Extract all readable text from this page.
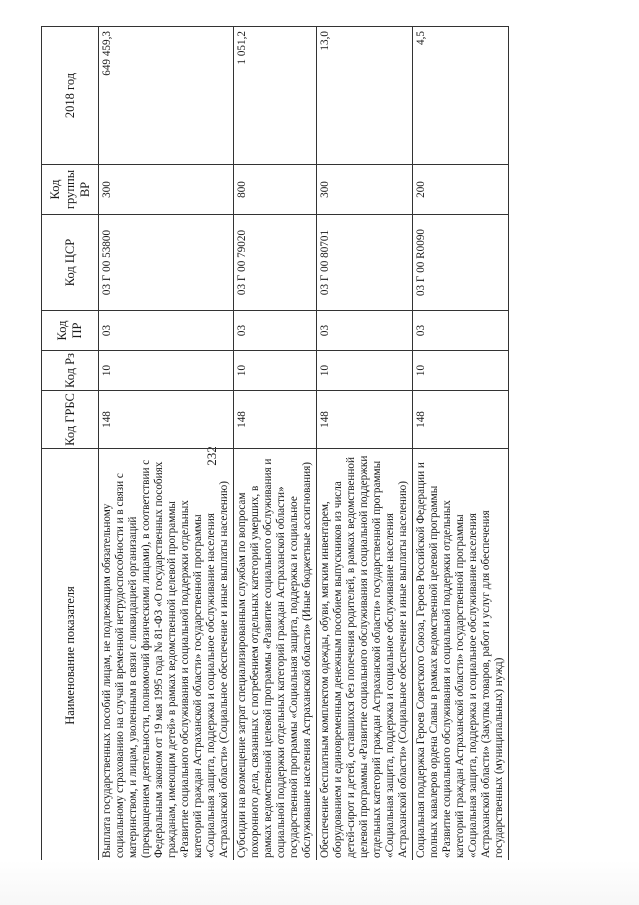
232
Наименование показателя	Код ГРБС	Код Рз	Код ПР	Код ЦСР	Код группы ВР	2018 год
Выплата государственных пособий лицам, не подлежащим обязательному социальному страхованию на случай временной нетрудоспособности и в связи с материнством, и лицам, уволенным в связи с ликвидацией организаций (прекращением деятельности, полномочий физическими лицами), в соответствии с Федеральным законом от 19 мая 1995 года № 81-ФЗ «О государственных пособиях гражданам, имеющим детей» в рамках ведомственной целевой программы «Развитие социального обслуживания и социальной поддержки отдельных категорий граждан Астраханской области» государственной программы «Социальная защита, поддержка и социальное обслуживание населения Астраханской области» (Социальное обеспечение и иные выплаты населению)	148	10	03	03 Г 00 53800	300	649 459,3
Субсидии на возмещение затрат специализированным службам по вопросам похоронного дела, связанных с погребением отдельных категорий умерших, в рамках ведомственной целевой программы «Развитие социального обслуживания и социальной поддержки отдельных категорий граждан Астраханской области» государственной программы «Социальная защита, поддержка и социальное обслуживание населения Астраханской области» (Иные бюджетные ассигнования)	148	10	03	03 Г 00 79020	800	1 051,2
Обеспечение бесплатным комплектом одежды, обуви, мягким инвентарем, оборудованием и единовременным денежным пособием выпускников из числа детей-сирот и детей, оставшихся без попечения родителей, в рамках ведомственной целевой программы «Развитие социального обслуживания и социальной поддержки отдельных категорий граждан Астраханской области» государственной программы «Социальная защита, поддержка и социальное обслуживание населения Астраханской области» (Социальное обеспечение и иные выплаты населению)	148	10	03	03 Г 00 80701	300	13,0
Социальная поддержка Героев Советского Союза, Героев Российской Федерации и полных кавалеров ордена Славы в рамках ведомственной целевой программы «Развитие социального обслуживания и социальной поддержки отдельных категорий граждан Астраханской области» государственной программы «Социальная защита, поддержка и социальное обслуживание населения Астраханской области» (Закупка товаров, работ и услуг для обеспечения государственных (муниципальных) нужд)	148	10	03	03 Г 00 R0090	200	4,5
